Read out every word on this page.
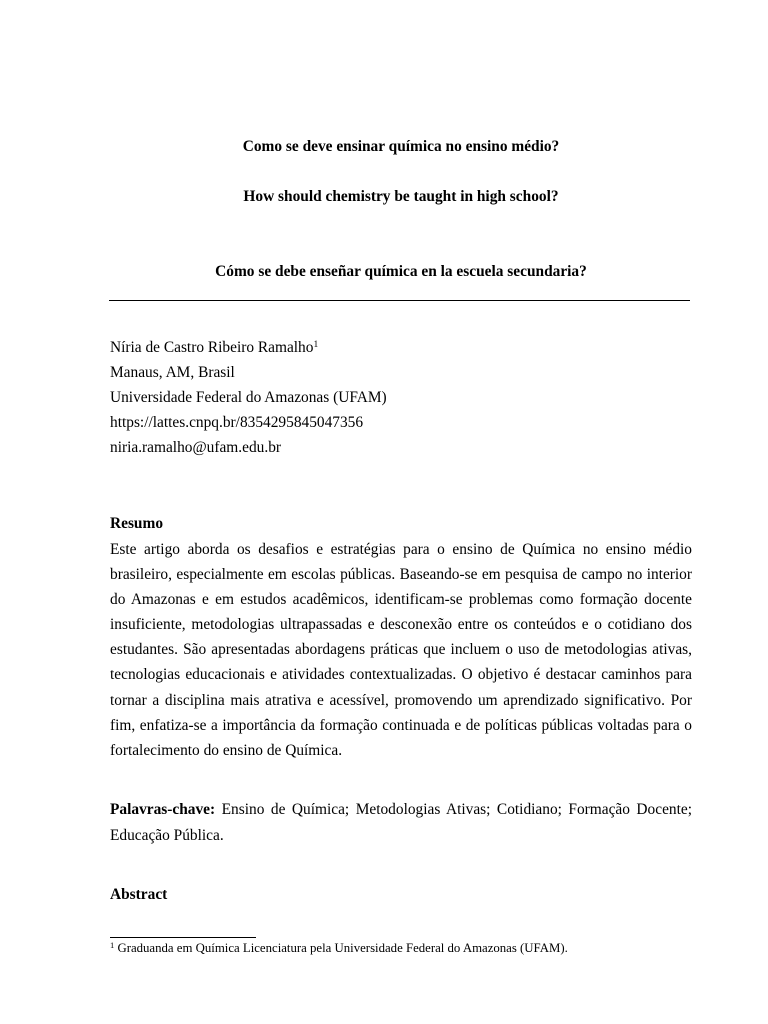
Como se deve ensinar química no ensino médio?

How should chemistry be taught in high school?

Cómo se debe enseñar química en la escuela secundaria?

Níria de Castro Ribeiro Ramalho$^1$
Manaus, AM, Brasil
Universidade Federal do Amazonas (UFAM)
https://lattes.cnpq.br/8354295845047356
niria.ramalho@ufam.edu.br

Resumo

Este artigo aborda os desafios e estratégias para o ensino de Química no ensino médio brasileiro, especialmente em escolas públicas. Baseando-se em pesquisa de campo no interior do Amazonas e em estudos acadêmicos, identificam-se problemas como formação docente insuficiente, metodologias ultrapassadas e desconexão entre os conteúdos e o cotidiano dos estudantes. São apresentadas abordagens práticas que incluem o uso de metodologias ativas, tecnologias educacionais e atividades contextualizadas. O objetivo é destacar caminhos para tornar a disciplina mais atrativa e acessível, promovendo um aprendizado significativo. Por fim, enfatiza-se a importância da formação continuada e de políticas públicas voltadas para o fortalecimento do ensino de Química.

Palavras-chave: Ensino de Química; Metodologias Ativas; Cotidiano; Formação Docente; Educação Pública.

Abstract

$^1$ Graduanda em Química Licenciatura pela Universidade Federal do Amazonas (UFAM).
